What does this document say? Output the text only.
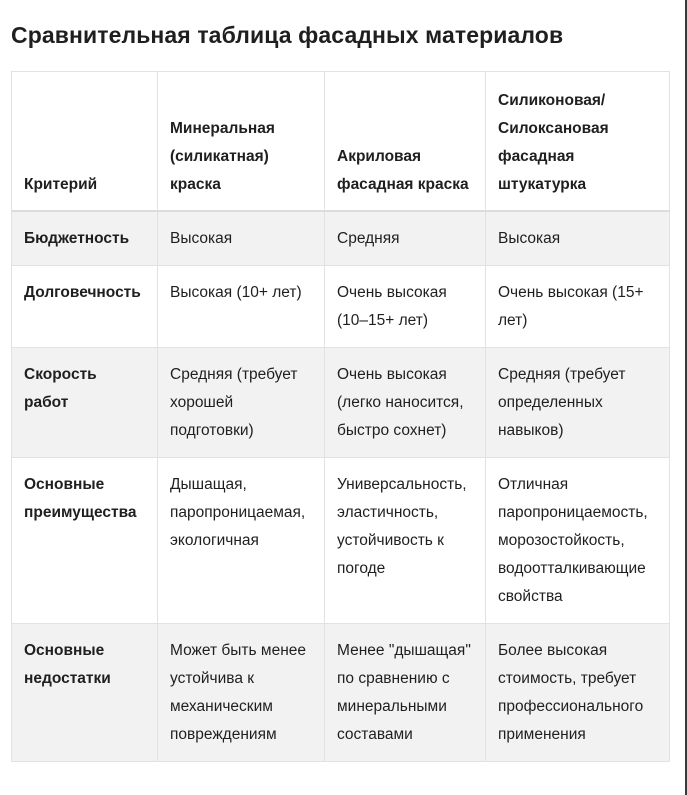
Сравнительная таблица фасадных материалов
Критерий	Минеральная (силикатная) краска	Акриловая фасадная краска	Силиконовая/ Силоксановая фасадная штукатурка
Бюджетность	Высокая	Средняя	Высокая
Долговечность	Высокая (10+ лет)	Очень высокая (10–15+ лет)	Очень высокая (15+ лет)
Скорость работ	Средняя (требует хорошей подготовки)	Очень высокая (легко наносится, быстро сохнет)	Средняя (требует определенных навыков)
Основные преимущества	Дышащая, паропроницаемая, экологичная	Универсальность, эластичность, устойчивость к погоде	Отличная паропроницаемость, морозостойкость, водоотталкивающие свойства
Основные недостатки	Может быть менее устойчива к механическим повреждениям	Менее "дышащая" по сравнению с минеральными составами	Более высокая стоимость, требует профессионального применения
